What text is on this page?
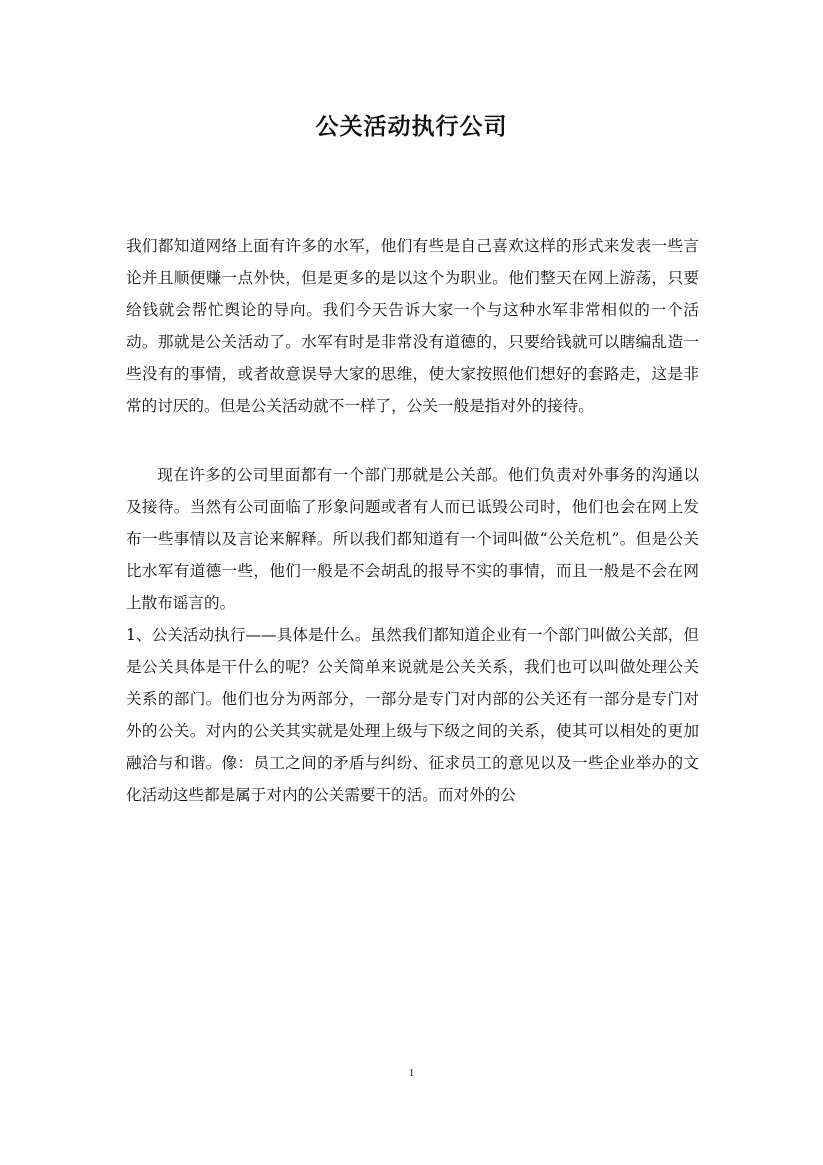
公关活动执行公司

我们都知道网络上面有许多的水军，他们有些是自己喜欢这样的形式来发表一些言论并且顺便赚一点外快，但是更多的是以这个为职业。他们整天在网上游荡，只要给钱就会帮忙舆论的导向。我们今天告诉大家一个与这种水军非常相似的一个活动。那就是公关活动了。水军有时是非常没有道德的，只要给钱就可以瞎编乱造一些没有的事情，或者故意误导大家的思维，使大家按照他们想好的套路走，这是非常的讨厌的。但是公关活动就不一样了，公关一般是指对外的接待。

现在许多的公司里面都有一个部门那就是公关部。他们负责对外事务的沟通以及接待。当然有公司面临了形象问题或者有人而已诋毁公司时，他们也会在网上发布一些事情以及言论来解释。所以我们都知道有一个词叫做“公关危机”。但是公关比水军有道德一些，他们一般是不会胡乱的报导不实的事情，而且一般是不会在网上散布谣言的。

1、公关活动执行——具体是什么。虽然我们都知道企业有一个部门叫做公关部，但是公关具体是干什么的呢？公关简单来说就是公关关系，我们也可以叫做处理公关关系的部门。他们也分为两部分，一部分是专门对内部的公关还有一部分是专门对外的公关。对内的公关其实就是处理上级与下级之间的关系，使其可以相处的更加融洽与和谐。像：员工之间的矛盾与纠纷、征求员工的意见以及一些企业举办的文化活动这些都是属于对内的公关需要干的活。而对外的公

1
